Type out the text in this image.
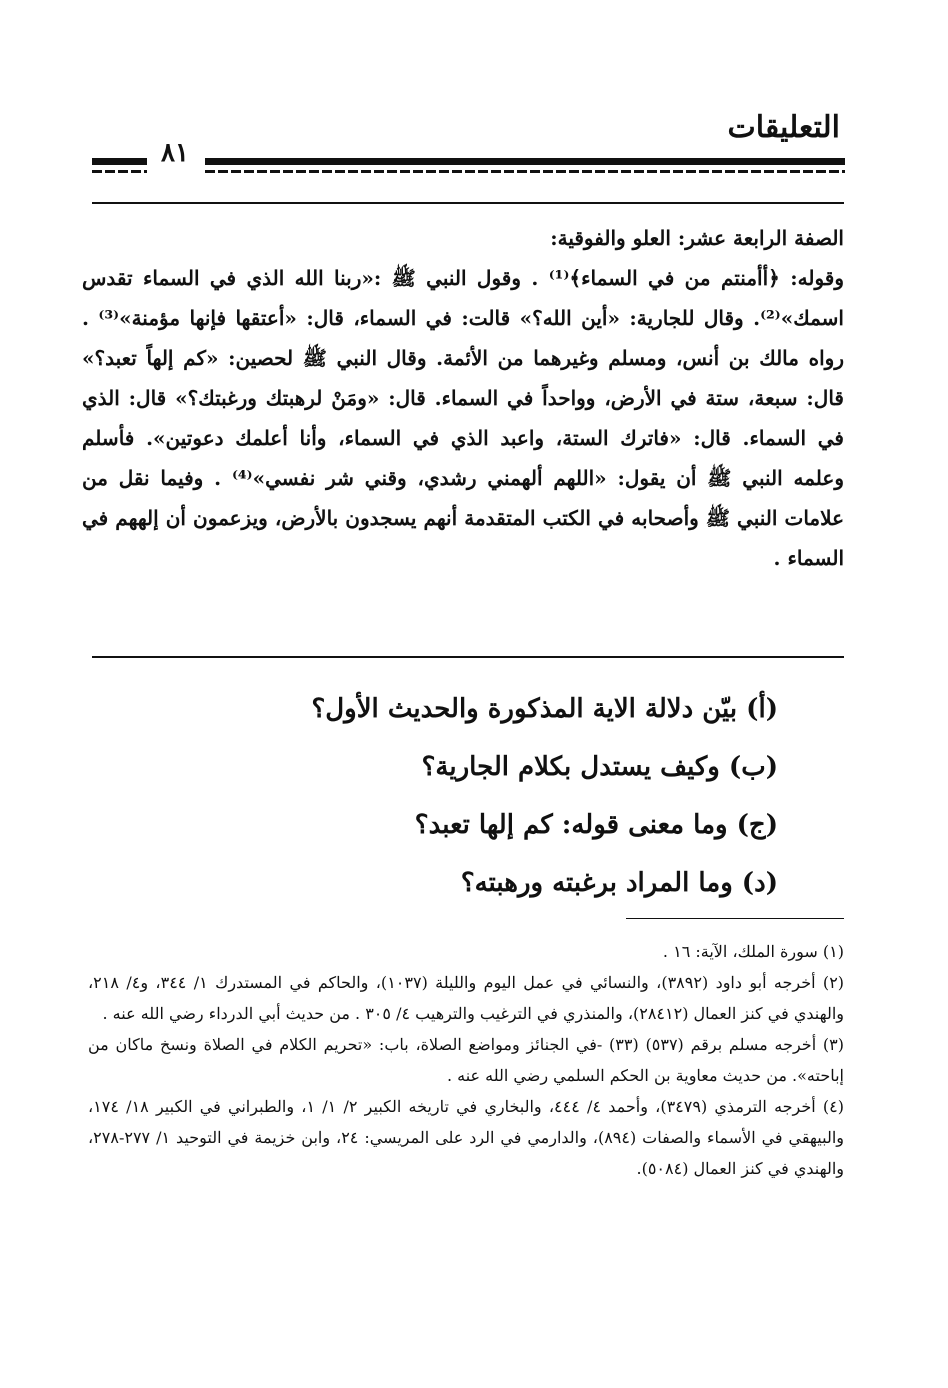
التعليقات
٨١

الصفة الرابعة عشر: العلو والفوقية:

وقوله: ﴿أأمنتم من في السماء﴾⁽¹⁾ . وقول النبي ﷺ :«ربنا الله الذي في السماء تقدس اسمك»⁽²⁾. وقال للجارية: «أين الله؟» قالت: في السماء، قال: «أعتقها فإنها مؤمنة»⁽³⁾ . رواه مالك بن أنس، ومسلم وغيرهما من الأئمة. وقال النبي ﷺ لحصين: «كم إلهاً تعبد؟» قال: سبعة، ستة في الأرض، وواحداً في السماء. قال: «ومَنْ لرهبتك ورغبتك؟» قال: الذي في السماء. قال: «فاترك الستة، واعبد الذي في السماء، وأنا أعلمك دعوتين». فأسلم وعلمه النبي ﷺ أن يقول: «اللهم ألهمني رشدي، وقني شر نفسي»⁽⁴⁾ . وفيما نقل من علامات النبي ﷺ وأصحابه في الكتب المتقدمة أنهم يسجدون بالأرض، ويزعمون أن إلههم في السماء .

(أ) بيّن دلالة الاية المذكورة والحديث الأول؟
(ب) وكيف يستدل بكلام الجارية؟
(ج) وما معنى قوله: كم إلها تعبد؟
(د) وما المراد برغبته ورهبته؟

(١) سورة الملك، الآية: ١٦ .

(٢) أخرجه أبو داود (٣٨٩٢)، والنسائي في عمل اليوم والليلة (١٠٣٧)، والحاكم في المستدرك ١/ ٣٤٤، و٤/ ٢١٨، والهندي في كنز العمال (٢٨٤١٢)، والمنذري في الترغيب والترهيب ٤/ ٣٠٥ . من حديث أبي الدرداء رضي الله عنه .

(٣) أخرجه مسلم برقم (٥٣٧) (٣٣) -في الجنائز ومواضع الصلاة، باب: «تحريم الكلام في الصلاة ونسخ ماكان من إباحته». من حديث معاوية بن الحكم السلمي رضي الله عنه .

(٤) أخرجه الترمذي (٣٤٧٩)، وأحمد ٤/ ٤٤٤، والبخاري في تاريخه الكبير ٢/ ١/ ١، والطبراني في الكبير ١٨/ ١٧٤، والبيهقي في الأسماء والصفات (٨٩٤)، والدارمي في الرد على المريسي: ٢٤، وابن خزيمة في التوحيد ١/ ٢٧٧-٢٧٨، والهندي في كنز العمال (٥٠٨٤).
